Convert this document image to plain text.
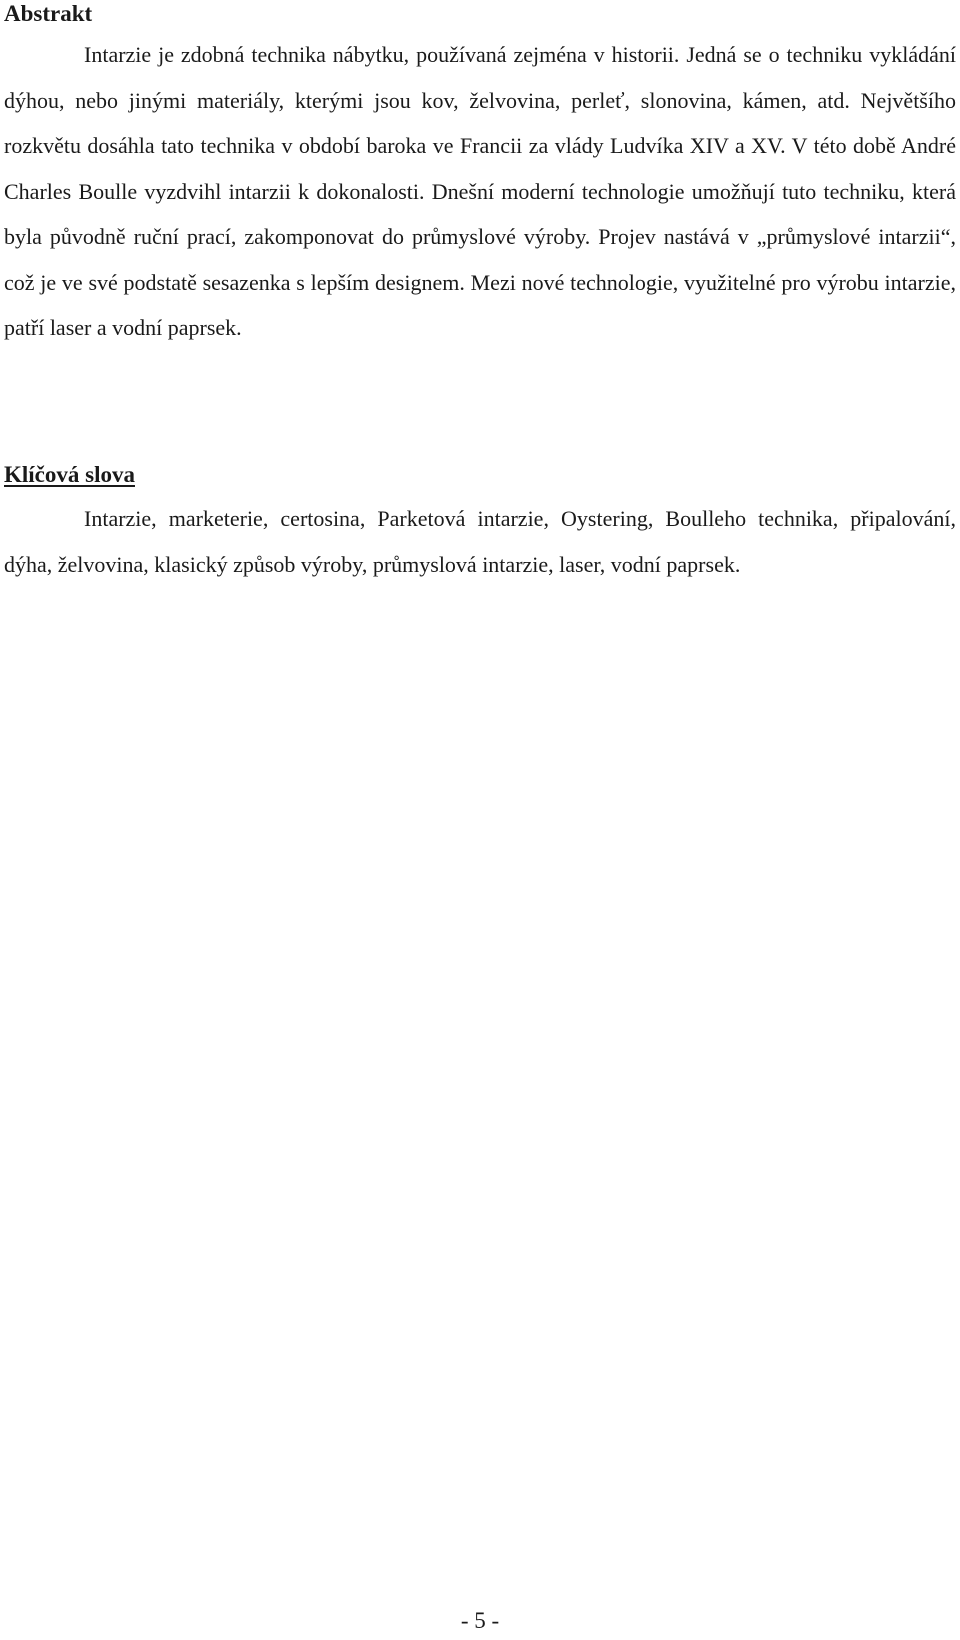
Abstrakt

Intarzie je zdobná technika nábytku, používaná zejména v historii. Jedná se o techniku vykládání dýhou, nebo jinými materiály, kterými jsou kov, želvovina, perleť, slonovina, kámen, atd. Největšího rozkvětu dosáhla tato technika v období baroka ve Francii za vlády Ludvíka XIV a XV. V této době André Charles Boulle vyzdvihl intarzii k dokonalosti. Dnešní moderní technologie umožňují tuto techniku, která byla původně ruční prací, zakomponovat do průmyslové výroby. Projev nastává v „průmyslové intarzii“, což je ve své podstatě sesazenka s lepším designem. Mezi nové technologie, využitelné pro výrobu intarzie, patří laser a vodní paprsek.

Klíčová slova

Intarzie, marketerie, certosina, Parketová intarzie, Oystering, Boulleho technika, připalování, dýha, želvovina, klasický způsob výroby, průmyslová intarzie, laser, vodní paprsek.

- 5 -
